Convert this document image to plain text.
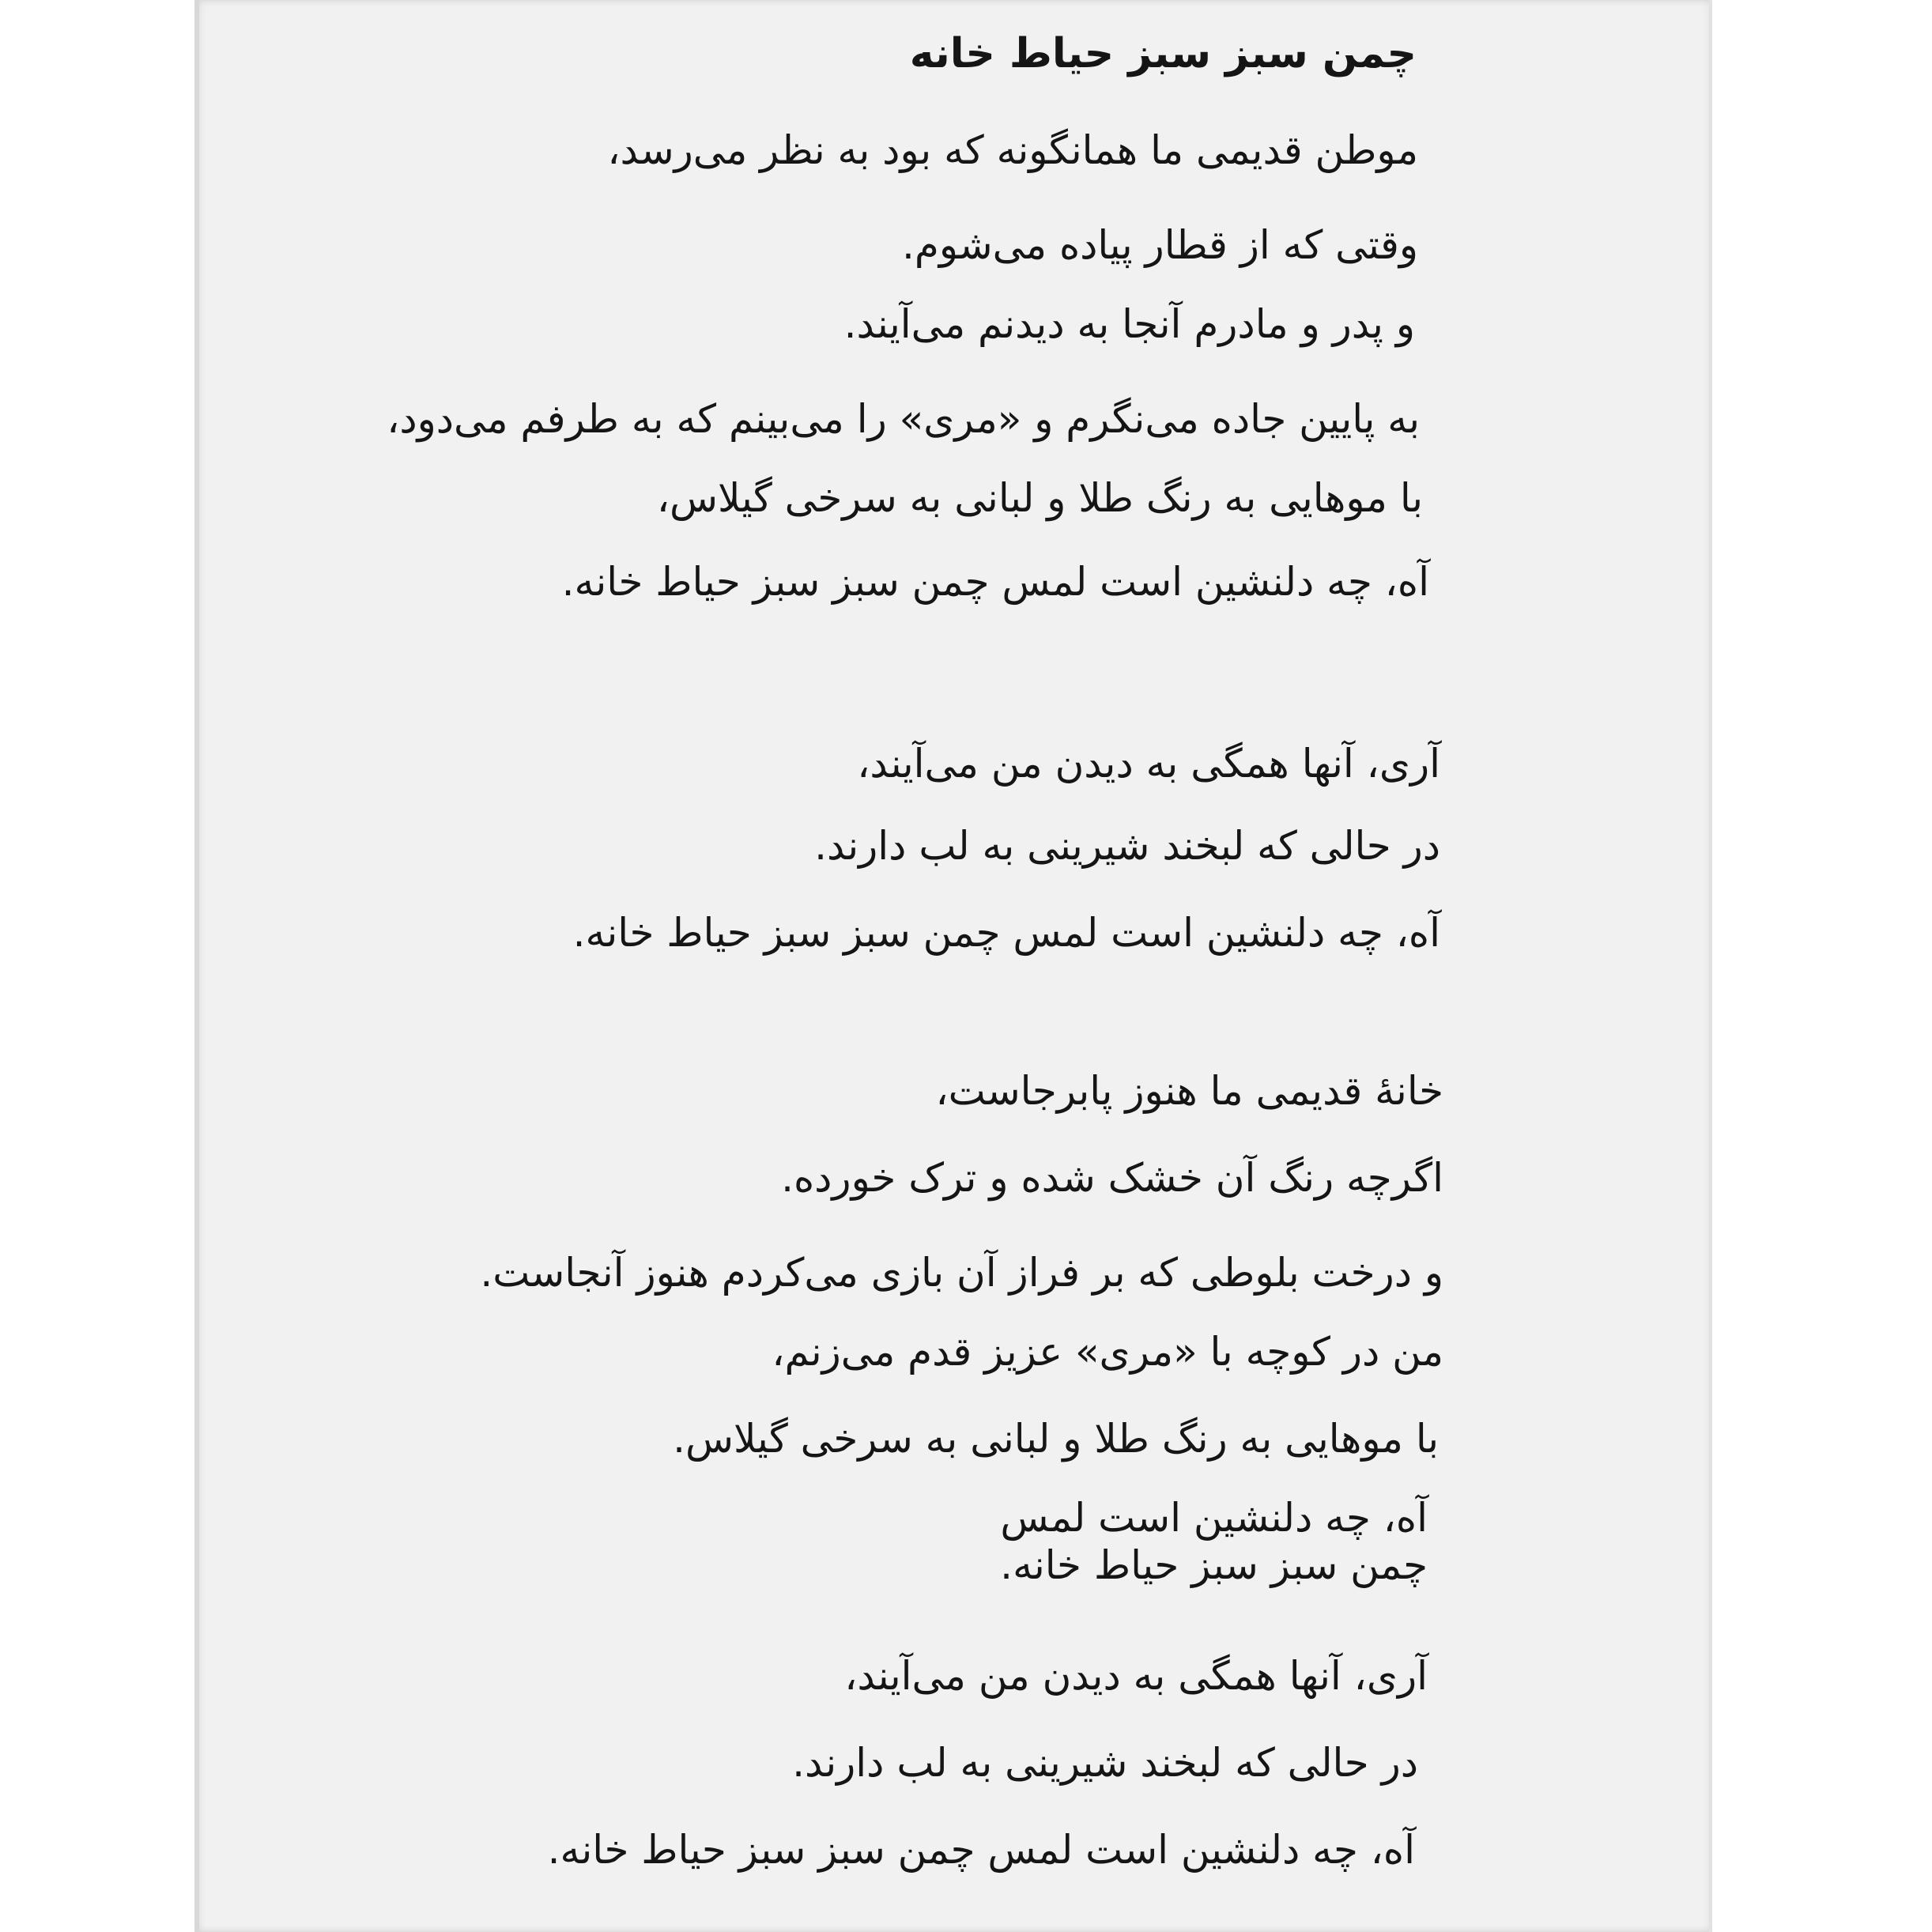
چمن سبز سبز حیاط خانه
موطن قدیمی ما همانگونه که بود به نظر می‌رسد،
وقتی که از قطار پیاده می‌شوم.
و پدر و مادرم آنجا به دیدنم می‌آیند.
به پایین جاده می‌نگرم و «مری» را می‌بینم که به طرفم می‌دود،
با موهایی به رنگ طلا و لبانی به سرخی گیلاس،
آه، چه دلنشین است لمس چمن سبز سبز حیاط خانه.
آری، آنها همگی به دیدن من می‌آیند،
در حالی که لبخند شیرینی به لب دارند.
آه، چه دلنشین است لمس چمن سبز سبز حیاط خانه.
خانهٔ قدیمی ما هنوز پابرجاست،
اگرچه رنگ آن خشک شده و ترک خورده.
و درخت بلوطی که بر فراز آن بازی می‌کردم هنوز آنجاست.
من در کوچه با «مری» عزیز قدم می‌زنم،
با موهایی به رنگ طلا و لبانی به سرخی گیلاس.
آه، چه دلنشین است لمس
چمن سبز سبز حیاط خانه.
آری، آنها همگی به دیدن من می‌آیند،
در حالی که لبخند شیرینی به لب دارند.
آه، چه دلنشین است لمس چمن سبز سبز حیاط خانه.
